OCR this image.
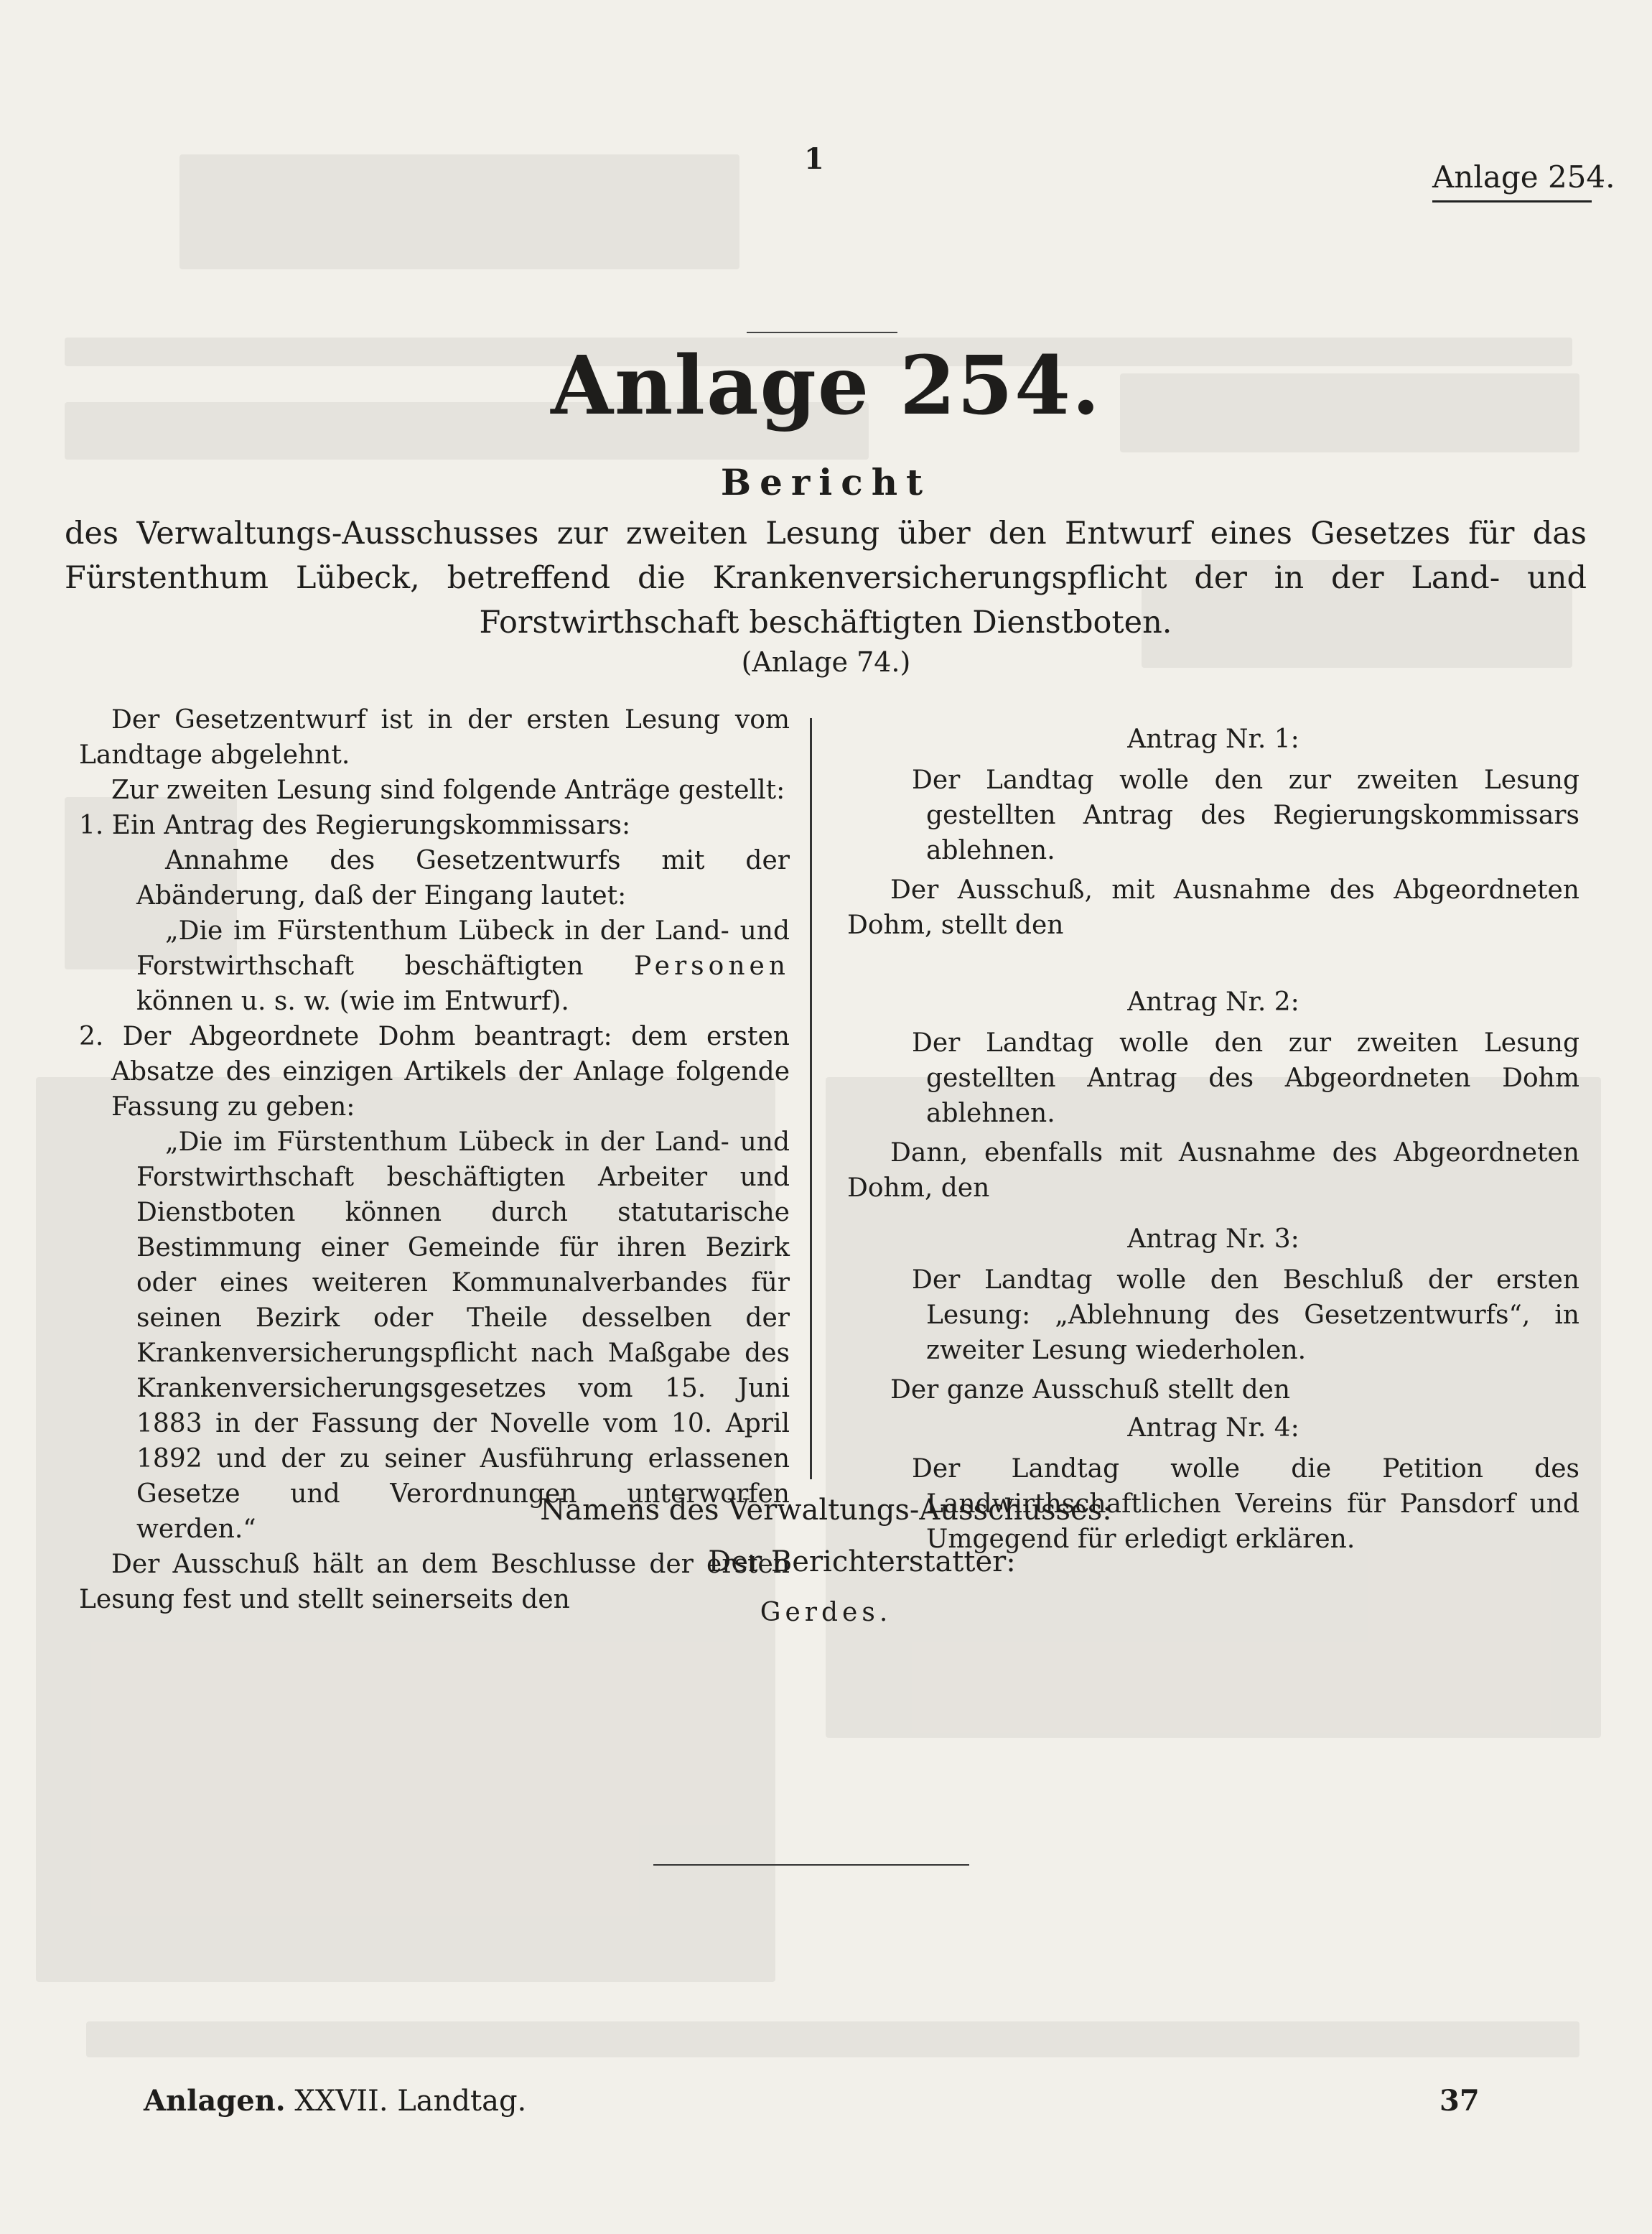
1
Anlage 254.
Anlage 254.
Bericht
des Verwaltungs-Ausschusses zur zweiten Lesung über den Entwurf eines Gesetzes für das Fürstenthum Lübeck, betreffend die Krankenversicherungspflicht der in der Land- und Forstwirthschaft beschäftigten Dienstboten.
(Anlage 74.)

Der Gesetzentwurf ist in der ersten Lesung vom Landtage abgelehnt.

Zur zweiten Lesung sind folgende Anträge gestellt:

1. Ein Antrag des Regierungskommissars:

Annahme des Gesetzentwurfs mit der Abänderung, daß der Eingang lautet:

„Die im Fürstenthum Lübeck in der Land- und Forstwirthschaft beschäftigten Personen können u. s. w. (wie im Entwurf).

2. Der Abgeordnete Dohm beantragt: dem ersten Absatze des einzigen Artikels der Anlage folgende Fassung zu geben:

„Die im Fürstenthum Lübeck in der Land- und Forstwirthschaft beschäftigten Arbeiter und Dienstboten können durch statutarische Bestimmung einer Gemeinde für ihren Bezirk oder eines weiteren Kommunalverbandes für seinen Bezirk oder Theile desselben der Krankenversicherungspflicht nach Maßgabe des Krankenversicherungsgesetzes vom 15. Juni 1883 in der Fassung der Novelle vom 10. April 1892 und der zu seiner Ausführung erlassenen Gesetze und Verordnungen unterworfen werden.“

Der Ausschuß hält an dem Beschlusse der ersten Lesung fest und stellt seinerseits den

Antrag Nr. 1:

Der Landtag wolle den zur zweiten Lesung gestellten Antrag des Regierungskommissars ablehnen.

Der Ausschuß, mit Ausnahme des Abgeordneten Dohm, stellt den

Antrag Nr. 2:

Der Landtag wolle den zur zweiten Lesung gestellten Antrag des Abgeordneten Dohm ablehnen.

Dann, ebenfalls mit Ausnahme des Abgeordneten Dohm, den

Antrag Nr. 3:

Der Landtag wolle den Beschluß der ersten Lesung: „Ablehnung des Gesetzentwurfs“, in zweiter Lesung wiederholen.

Der ganze Ausschuß stellt den

Antrag Nr. 4:

Der Landtag wolle die Petition des Landwirthschaftlichen Vereins für Pansdorf und Umgegend für erledigt erklären.

Namens des Verwaltungs-Ausschusses:
Der Berichterstatter:
Gerdes.
Anlagen. XXVII. Landtag.	37
